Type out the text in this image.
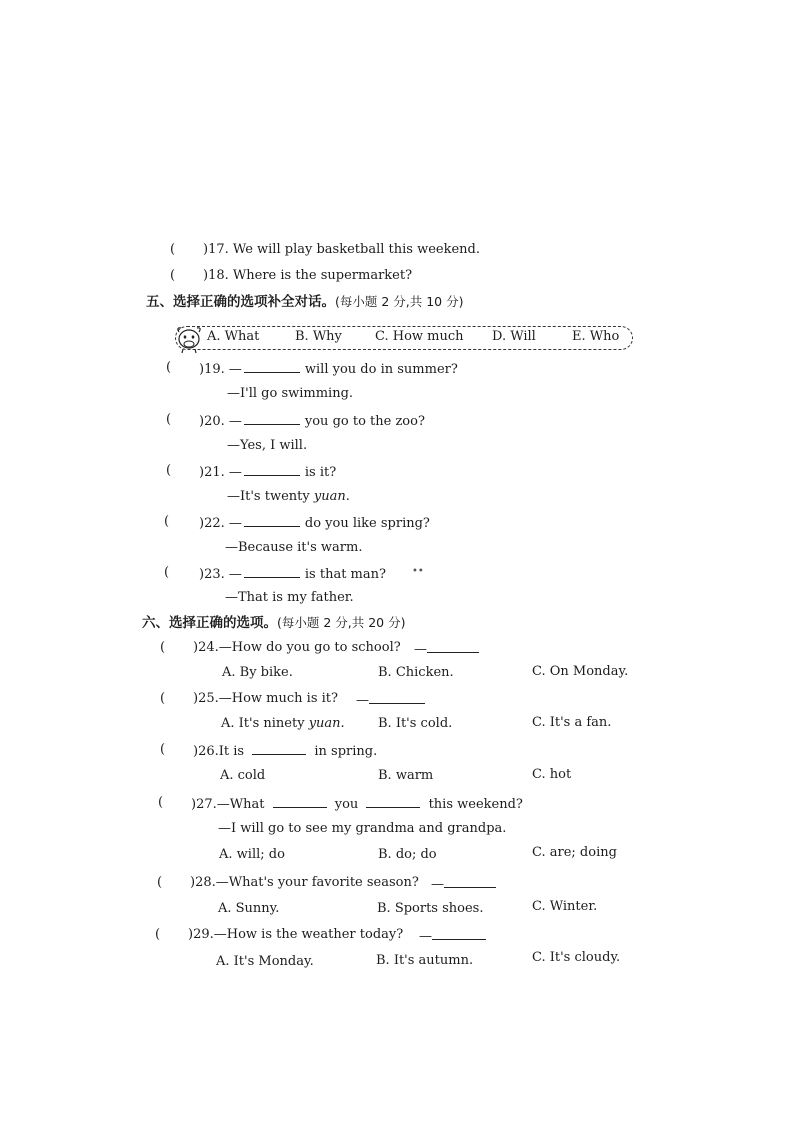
( )17. We will play basketball this weekend.
( )18. Where is the supermarket?
五、选择正确的选项补全对话。(每小题 2 分,共 10 分)
A. What	B. Why	C. How much D. Will	E. Who
( )19. —	will you do in summer?
—I'll go swimming.
( )20. —	you go to the zoo?
—Yes, I will.
( )21. —	is it?
—It's twenty yuan.
( )22. —	do you like spring?
—Because it's warm.
( )23. —	is that man?	••
—That is my father.
六、选择正确的选项。(每小题 2 分,共 20 分)
( )24.—How do you go to school? —
A. By bike.	B. Chicken.	C. On Monday.
( )25.—How much is it? —
A. It's ninety yuan.	B. It's cold.	C. It's a fan.
( )26.It is	in spring.
A. cold	B. warm	C. hot
( )27.—What	you	this weekend?
—I will go to see my grandma and grandpa.
A. will; do	B. do; do	C. are; doing
( )28.—What's your favorite season? —
A. Sunny.	B. Sports shoes.	C. Winter.
( )29.—How is the weather today? —
A. It's Monday.	B. It's autumn.	C. It's cloudy.
